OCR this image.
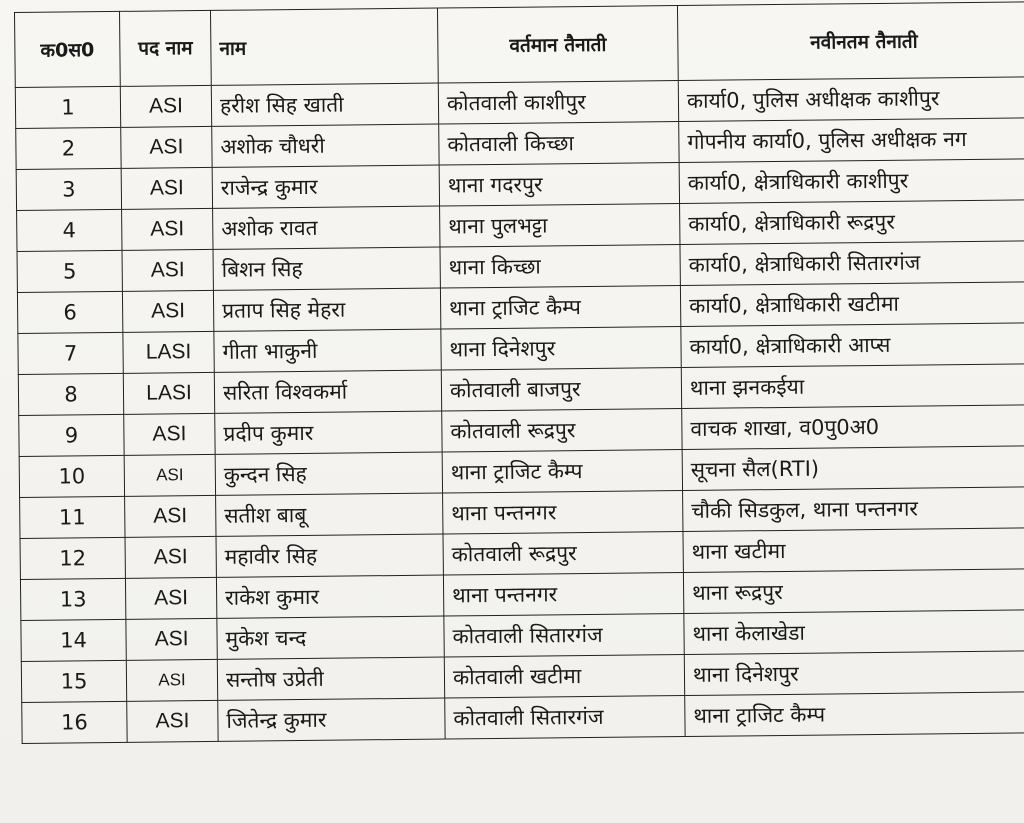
क0स0	पद नाम	नाम	वर्तमान तैनाती	नवीनतम तैनाती
1	ASI	हरीश सिह खाती	कोतवाली काशीपुर	कार्या0, पुलिस अधीक्षक काशीपुर
2	ASI	अशोक चौधरी	कोतवाली किच्छा	गोपनीय कार्या0, पुलिस अधीक्षक नग
3	ASI	राजेन्द्र कुमार	थाना गदरपुर	कार्या0, क्षेत्राधिकारी काशीपुर
4	ASI	अशोक रावत	थाना पुलभट्टा	कार्या0, क्षेत्राधिकारी रूद्रपुर
5	ASI	बिशन सिह	थाना किच्छा	कार्या0, क्षेत्राधिकारी सितारगंज
6	ASI	प्रताप सिह मेहरा	थाना ट्राजिट कैम्प	कार्या0, क्षेत्राधिकारी खटीमा
7	LASI	गीता भाकुनी	थाना दिनेशपुर	कार्या0, क्षेत्राधिकारी आप्स
8	LASI	सरिता विश्वकर्मा	कोतवाली बाजपुर	थाना झनकईया
9	ASI	प्रदीप कुमार	कोतवाली रूद्रपुर	वाचक शाखा, व0पु0अ0
10	ASI	कुन्दन सिह	थाना ट्राजिट कैम्प	सूचना सैल(RTI)
11	ASI	सतीश बाबू	थाना पन्तनगर	चौकी सिडकुल, थाना पन्तनगर
12	ASI	महावीर सिह	कोतवाली रूद्रपुर	थाना खटीमा
13	ASI	राकेश कुमार	थाना पन्तनगर	थाना रूद्रपुर
14	ASI	मुकेश चन्द	कोतवाली सितारगंज	थाना केलाखेडा
15	ASI	सन्तोष उप्रेती	कोतवाली खटीमा	थाना दिनेशपुर
16	ASI	जितेन्द्र कुमार	कोतवाली सितारगंज	थाना ट्राजिट कैम्प
